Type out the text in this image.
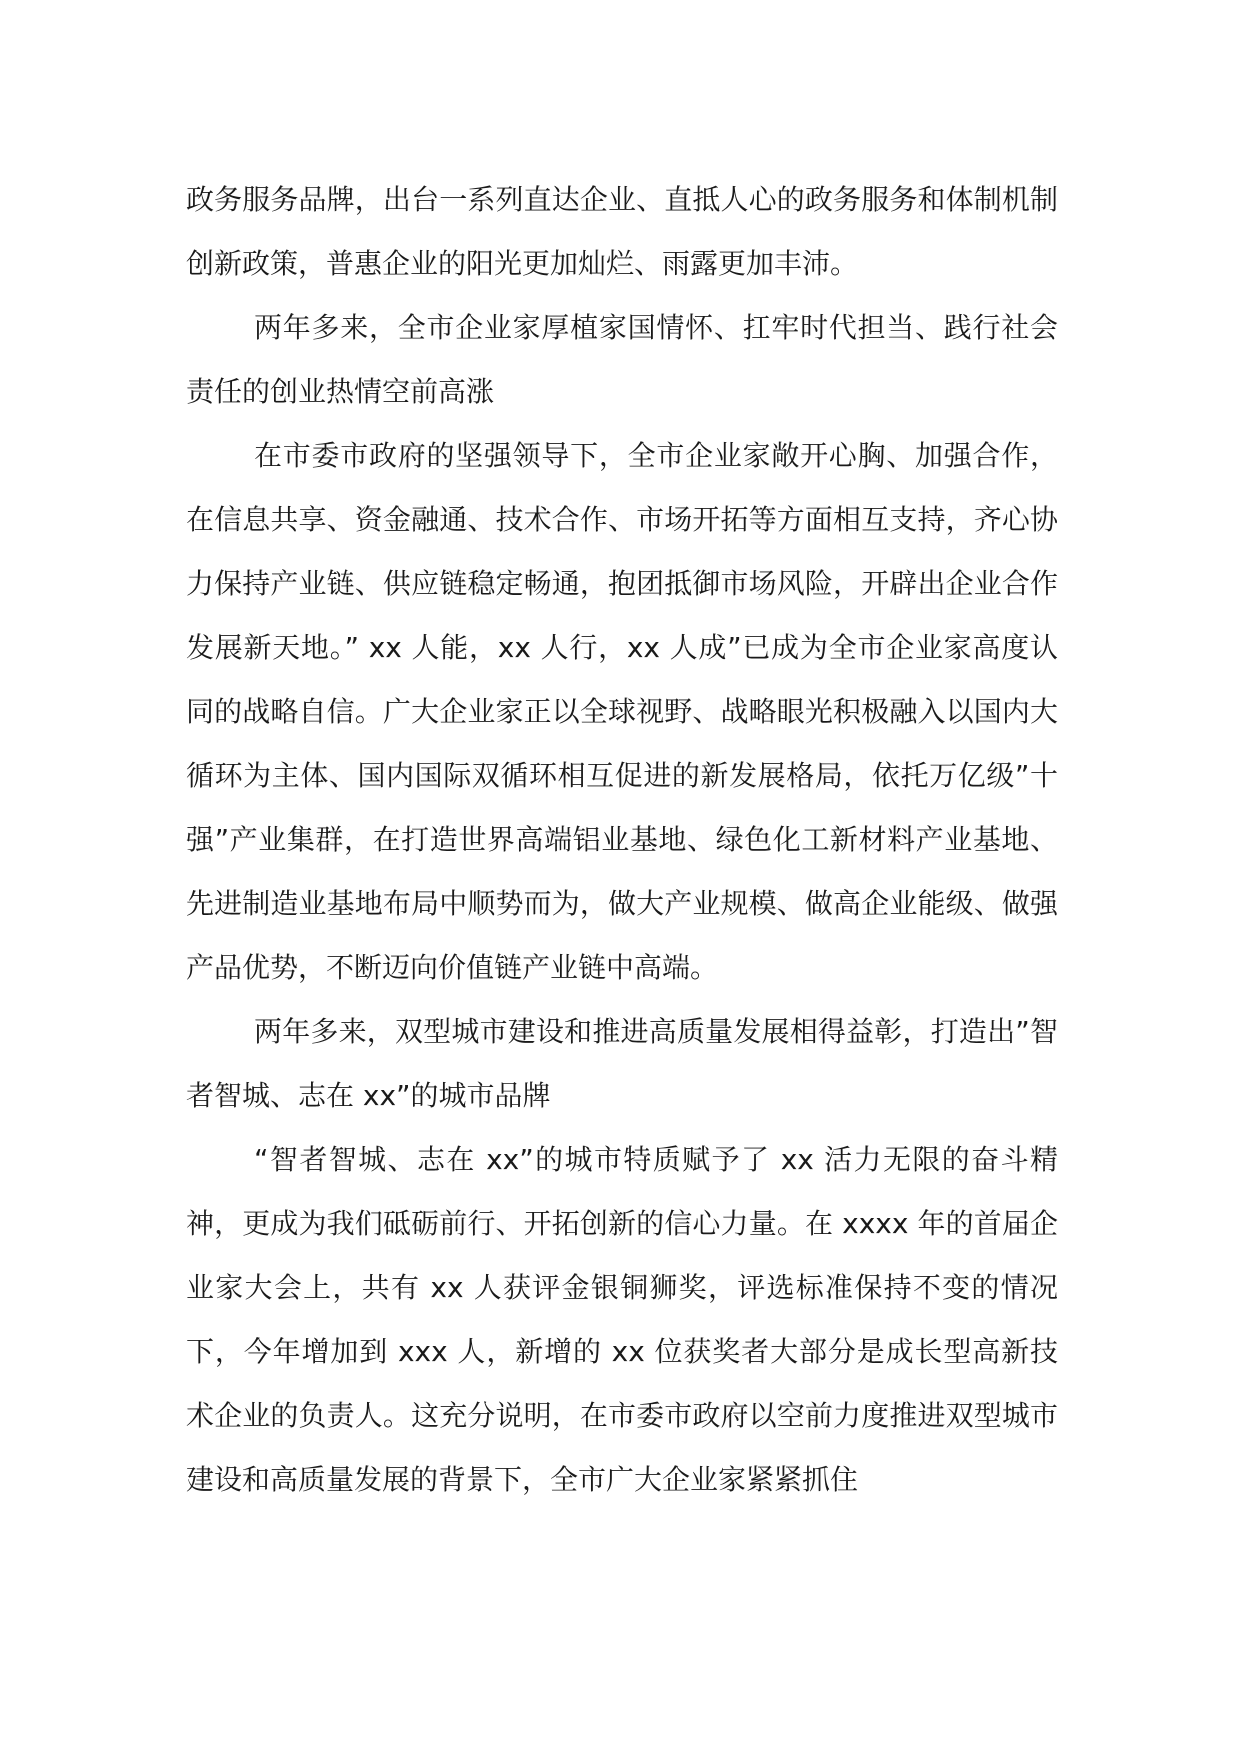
政务服务品牌，出台一系列直达企业、直抵人心的政务服务和体制机制创新政策，普惠企业的阳光更加灿烂、雨露更加丰沛。

两年多来，全市企业家厚植家国情怀、扛牢时代担当、践行社会责任的创业热情空前高涨

在市委市政府的坚强领导下，全市企业家敞开心胸、加强合作，在信息共享、资金融通、技术合作、市场开拓等方面相互支持，齐心协力保持产业链、供应链稳定畅通，抱团抵御市场风险，开辟出企业合作发展新天地。” xx 人能，xx 人行，xx 人成”已成为全市企业家高度认同的战略自信。广大企业家正以全球视野、战略眼光积极融入以国内大循环为主体、国内国际双循环相互促进的新发展格局，依托万亿级”十强”产业集群，在打造世界高端铝业基地、绿色化工新材料产业基地、先进制造业基地布局中顺势而为，做大产业规模、做高企业能级、做强产品优势，不断迈向价值链产业链中高端。

两年多来，双型城市建设和推进高质量发展相得益彰，打造出”智者智城、志在 xx”的城市品牌

“智者智城、志在 xx”的城市特质赋予了 xx 活力无限的奋斗精神，更成为我们砥砺前行、开拓创新的信心力量。在 xxxx 年的首届企业家大会上，共有 xx 人获评金银铜狮奖，评选标准保持不变的情况下，今年增加到 xxx 人，新增的 xx 位获奖者大部分是成长型高新技术企业的负责人。这充分说明，在市委市政府以空前力度推进双型城市建设和高质量发展的背景下，全市广大企业家紧紧抓住
